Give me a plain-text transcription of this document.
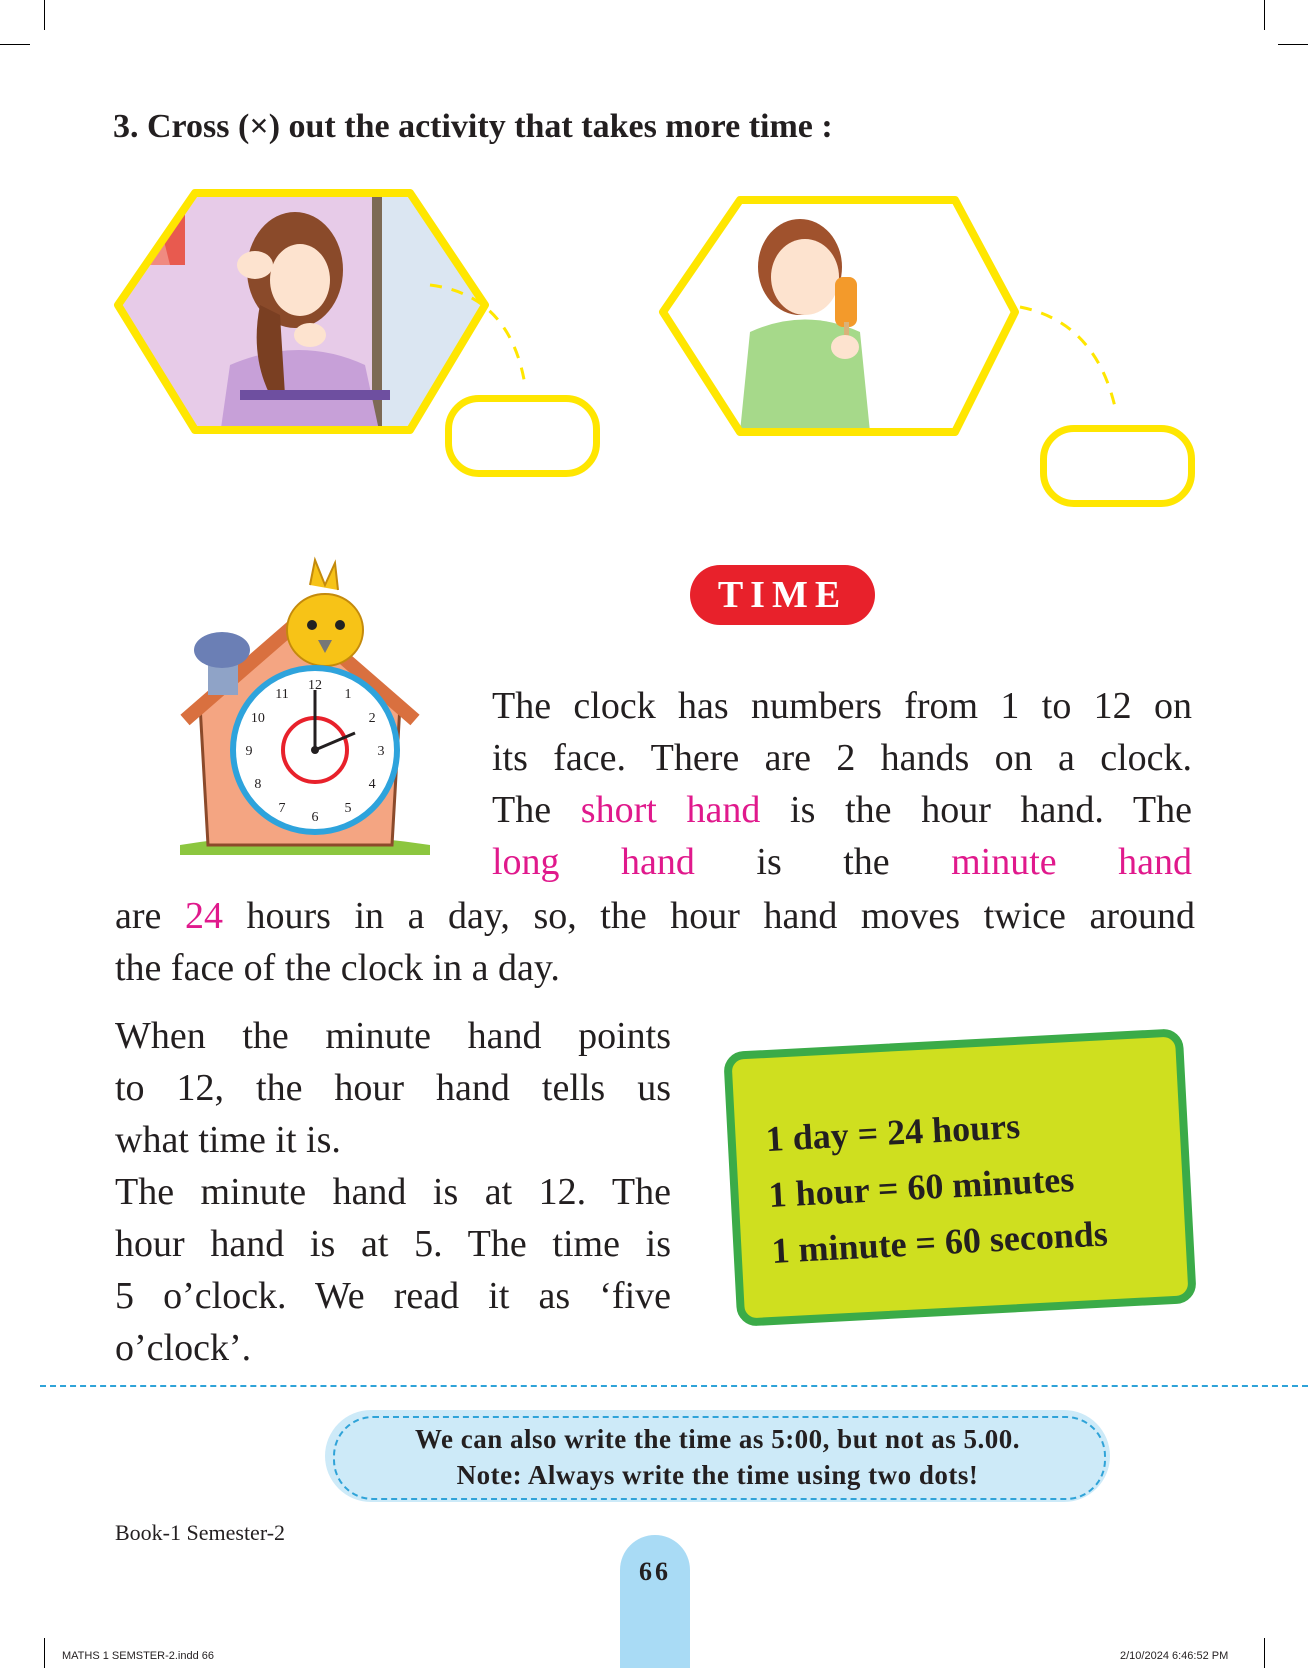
3. Cross (×) out the activity that takes more time :
TIME
12
1
2
3
4
5
6
7
8
9
10
11	The clock has numbers from 1 to 12 on
its face. There are 2 hands on a clock.
The short hand is the hour hand. The
long hand is the minute hand
are 24 hours in a day, so, the hour hand moves twice around
the face of the clock in a day.
When the minute hand points
to 12, the hour hand tells us
what time it is.
The minute hand is at 12. The
hour hand is at 5. The time is
5 o’clock. We read it as ‘five
o’clock’.
1 day = 24 hours
1 hour = 60 minutes
1 minute = 60 seconds
We can also write the time as 5:00, but not as 5.00.
Note: Always write the time using two dots!
Book-1 Semester-2
66
MATHS 1 SEMSTER-2.indd 66	2/10/2024 6:46:52 PM
